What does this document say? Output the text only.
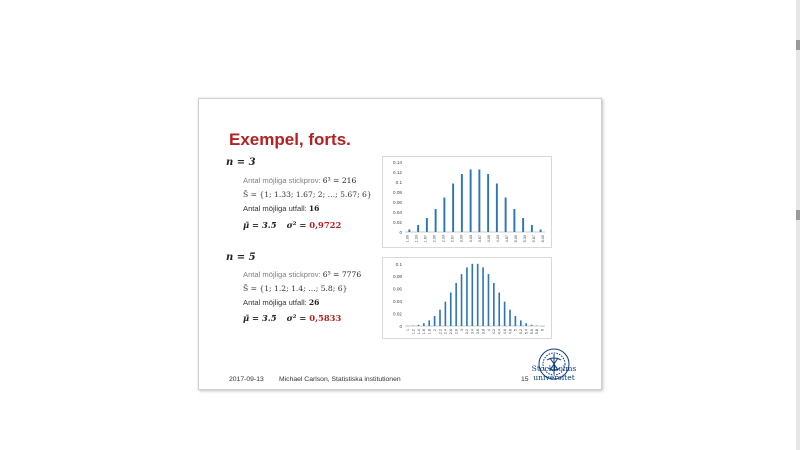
Exempel, forts.
n = 3
Antal möjliga stickprov: 6³ = 216
S̄ = {1; 1.33; 1.67; 2; …; 5.67; 6}
Antal möjliga utfall: 16
μ̄ = 3.5 σ² = 0,9722
n = 5
Antal möjliga stickprov: 6⁵ = 7776
S̄ = {1; 1.2; 1.4; …; 5.8; 6}
Antal möjliga utfall: 26
μ̄ = 3.5 σ² = 0,5833
0
0.02
0.04
0.06
0.08
0.1
0.12
0.14
1.00 1.33 1.67 2.00 2.33 2.67 3.00 3.33 3.67 4.00 4.33 4.67 5.00 5.33 5.67 6.00
0
0.02
0.04
0.06
0.08
0.1
1 1.2 1.4 1.6 1.8 2 2.2 2.4 2.6 2.8 3 3.2 3.4 3.6 3.8 4 4.2 4.4 4.6 4.8 5 5.2 5.4 5.6 5.8 6
2017-09-13 Michael Carlson, Statistiska institutionen	15
Stockholms
universitet
